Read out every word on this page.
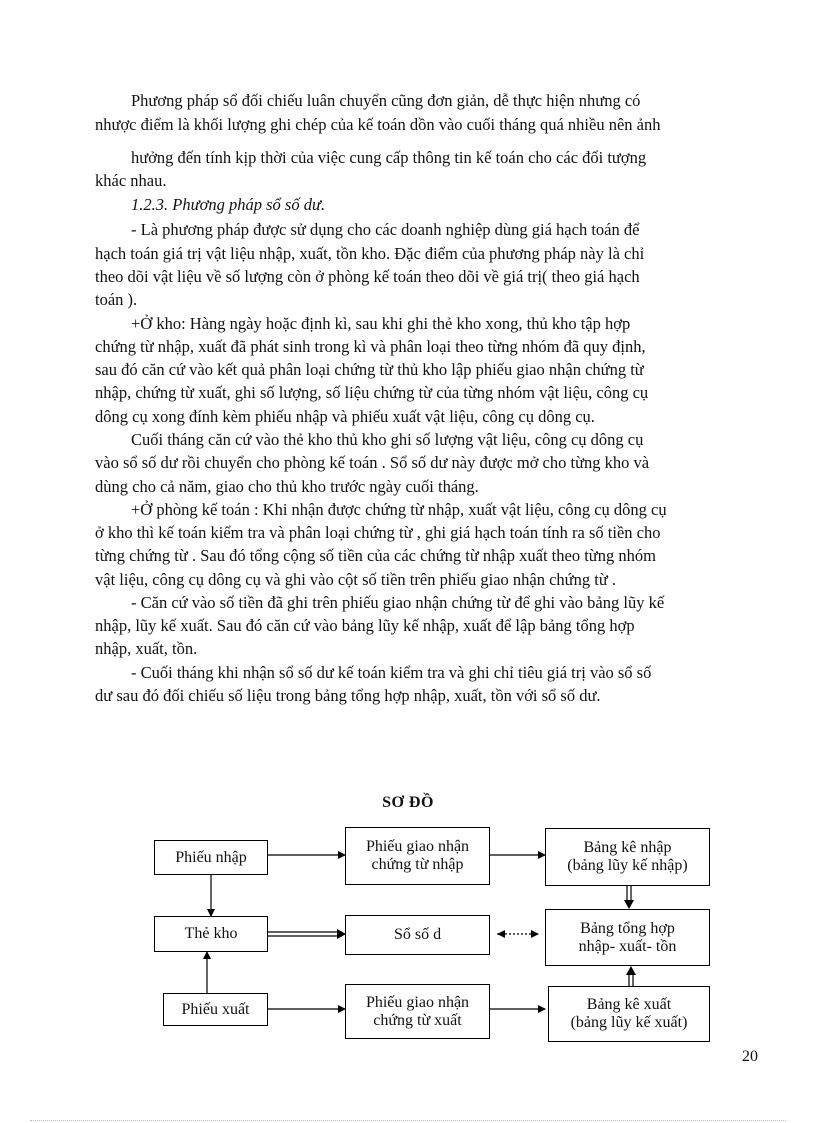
Phương pháp sổ đối chiếu luân chuyển cũng đơn giản, dễ thực hiện nhưng có
nhược điểm là khối lượng ghi chép của kế toán dồn vào cuối tháng quá nhiều nên ảnh
hưởng đến tính kịp thời của việc cung cấp thông tin kế toán cho các đối tượng
khác nhau.
1.2.3. Phương pháp sổ số dư.
- Là phương pháp được sử dụng cho các doanh nghiệp dùng giá hạch toán để
hạch toán giá trị vật liệu nhập, xuất, tồn kho. Đặc điểm của phương pháp này là chỉ
theo dõi vật liệu về số lượng còn ở phòng kế toán theo dõi về giá trị( theo giá hạch
toán ).
+Ở kho: Hàng ngày hoặc định kì, sau khi ghi thẻ kho xong, thủ kho tập hợp
chứng từ nhập, xuất đã phát sinh trong kì và phân loại theo từng nhóm đã quy định,
sau đó căn cứ vào kết quả phân loại chứng từ thủ kho lập phiếu giao nhận chứng từ
nhập, chứng từ xuất, ghi số lượng, số liệu chứng từ của từng nhóm vật liệu, công cụ
dông cụ xong đính kèm phiếu nhập và phiếu xuất vật liệu, công cụ dông cụ.
Cuối tháng căn cứ vào thẻ kho thủ kho ghi số lượng vật liệu, công cụ dông cụ
vào sổ số dư rồi chuyển cho phòng kế toán . Sổ số dư này được mở cho từng kho và
dùng cho cả năm, giao cho thủ kho trước ngày cuối tháng.
+Ở phòng kế toán : Khi nhận được chứng từ nhập, xuất vật liệu, công cụ dông cụ
ở kho thì kế toán kiểm tra và phân loại chứng từ , ghi giá hạch toán tính ra số tiền cho
từng chứng từ . Sau đó tổng cộng số tiền của các chứng từ nhập xuất theo từng nhóm
vật liệu, công cụ dông cụ và ghi vào cột số tiền trên phiếu giao nhận chứng từ .
- Căn cứ vào số tiền đã ghi trên phiếu giao nhận chứng từ để ghi vào bảng lũy kế
nhập, lũy kế xuất. Sau đó căn cứ vào bảng lũy kế nhập, xuất để lập bảng tổng hợp
nhập, xuất, tồn.
- Cuối tháng khi nhận sổ số dư kế toán kiểm tra và ghi chỉ tiêu giá trị vào sổ số
dư sau đó đối chiếu số liệu trong bảng tổng hợp nhập, xuất, tồn với sổ số dư.
SƠ ĐỒ
Phiếu nhập
Thẻ kho
Phiếu xuất
Phiếu giao nhận
chứng từ nhập
Sổ số d
Phiếu giao nhận
chứng từ xuất
Bảng kê nhập
(bảng lũy kế nhập)
Bảng tổng hợp
nhập- xuất- tồn
Bảng kê xuất
(bảng lũy kế xuất)
20
